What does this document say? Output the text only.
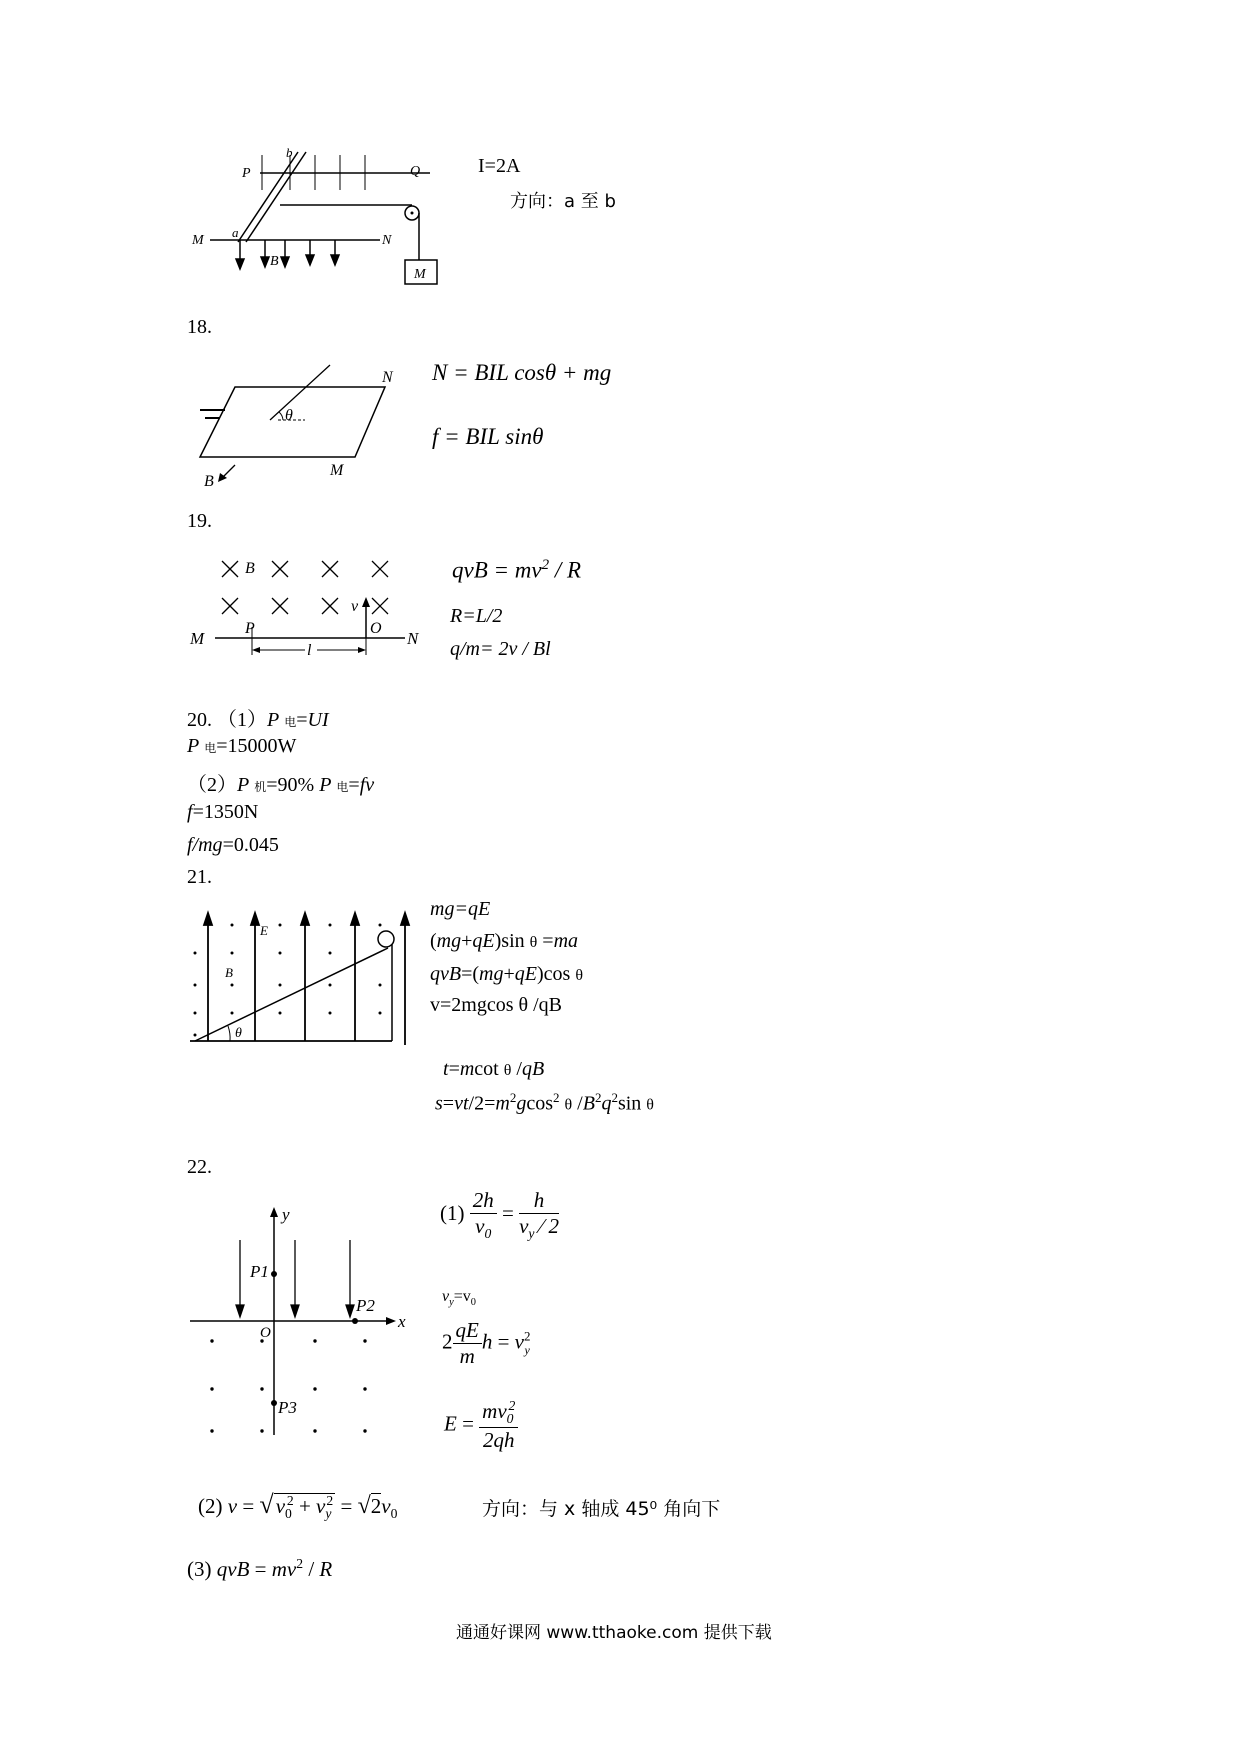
P	Q
b
a
M	N
B
M
I=2A
方向：a 至 b
18.
θ
N
M
B
N = BIL cosθ + mg
f = BIL sinθ
19.
B
v
M
P	O
N
l
qvB = $mv^2$ / R
R=L/2
q/m= 2v / Bl
20. （1）P 电=UI
P 电=15000W
（2）P 机=90% P 电=fv
f=1350N
f/mg=0.045
21.
E
B
θ
mg=qE
(mg+qE)sin θ =ma
qvB=(mg+qE)cos θ
v=2mgcos θ /qB
t=mcot θ /qB
$s=vt/2=m^2gcos^2$ θ $/B^2q^2\sin$ θ
22.
y
x
O
P1
P2
P3
$(1) \frac{2h}{v_0} = \frac{h}{v_y ⁄ 2}$
$v_y=v_0$
$2 \frac{qE}{m}$ $h = v^2_y$
$E = \frac{mv_0^2}{2qh}$
(2) $v = √v_0^2 + v_y^2 = √2v_0$	方向：与 x 轴成 45⁰ 角向下
(3) qvB = $mv^2$ / R
通通好课网 www.tthaoke.com 提供下载
